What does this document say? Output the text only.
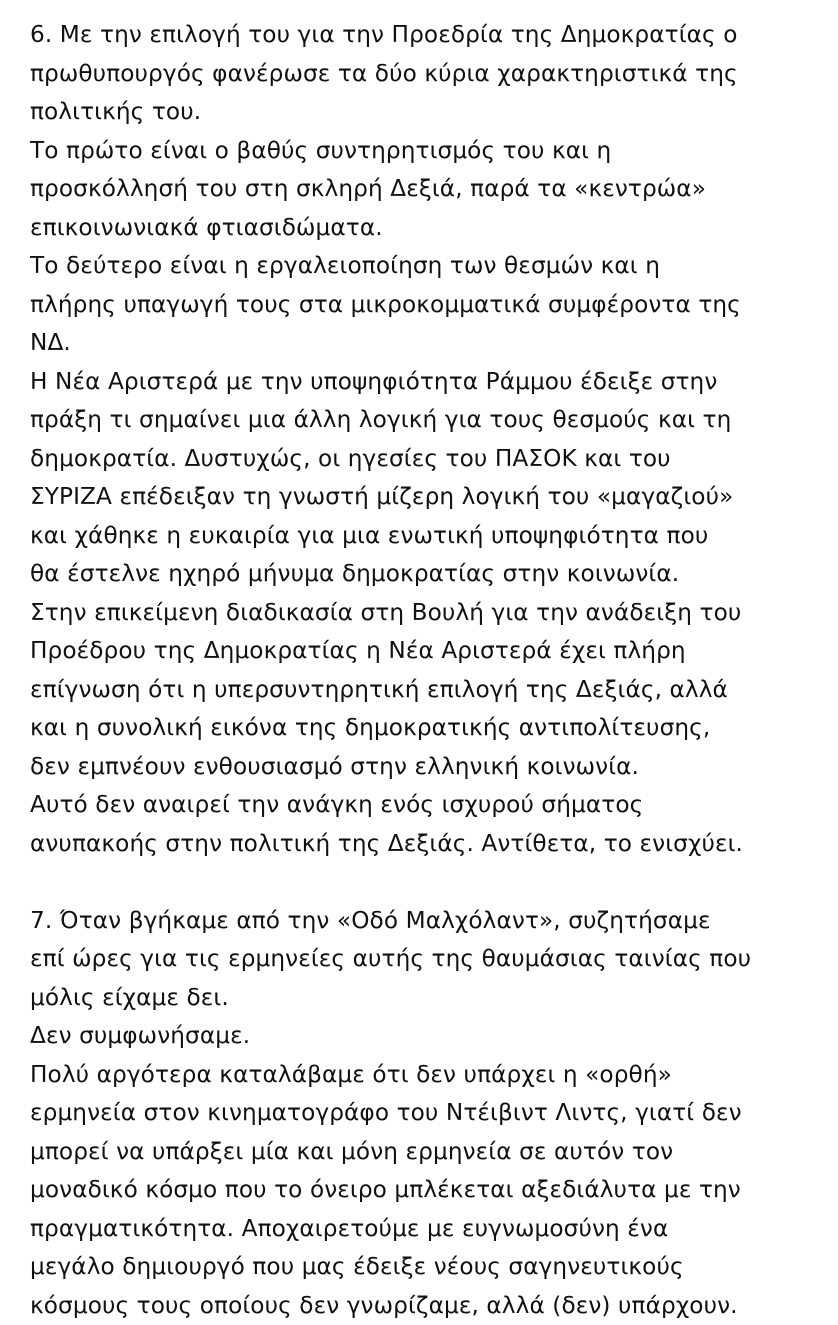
6. Με την επιλογή του για την Προεδρία της Δημοκρατίας ο
πρωθυπουργός φανέρωσε τα δύο κύρια χαρακτηριστικά της
πολιτικής του.
Το πρώτο είναι ο βαθύς συντηρητισμός του και η
προσκόλλησή του στη σκληρή Δεξιά, παρά τα «κεντρώα»
επικοινωνιακά φτιασιδώματα.
Το δεύτερο είναι η εργαλειοποίηση των θεσμών και η
πλήρης υπαγωγή τους στα μικροκομματικά συμφέροντα της
ΝΔ.
Η Νέα Αριστερά με την υποψηφιότητα Ράμμου έδειξε στην
πράξη τι σημαίνει μια άλλη λογική για τους θεσμούς και τη
δημοκρατία. Δυστυχώς, οι ηγεσίες του ΠΑΣΟΚ και του
ΣΥΡΙΖΑ επέδειξαν τη γνωστή μίζερη λογική του «μαγαζιού»
και χάθηκε η ευκαιρία για μια ενωτική υποψηφιότητα που
θα έστελνε ηχηρό μήνυμα δημοκρατίας στην κοινωνία.
Στην επικείμενη διαδικασία στη Βουλή για την ανάδειξη του
Προέδρου της Δημοκρατίας η Νέα Αριστερά έχει πλήρη
επίγνωση ότι η υπερσυντηρητική επιλογή της Δεξιάς, αλλά
και η συνολική εικόνα της δημοκρατικής αντιπολίτευσης,
δεν εμπνέουν ενθουσιασμό στην ελληνική κοινωνία.
Αυτό δεν αναιρεί την ανάγκη ενός ισχυρού σήματος
ανυπακοής στην πολιτική της Δεξιάς. Αντίθετα, το ενισχύει.
7. Όταν βγήκαμε από την «Οδό Μαλχόλαντ», συζητήσαμε
επί ώρες για τις ερμηνείες αυτής της θαυμάσιας ταινίας που
μόλις είχαμε δει.
Δεν συμφωνήσαμε.
Πολύ αργότερα καταλάβαμε ότι δεν υπάρχει η «ορθή»
ερμηνεία στον κινηματογράφο του Ντέιβιντ Λιντς, γιατί δεν
μπορεί να υπάρξει μία και μόνη ερμηνεία σε αυτόν τον
μοναδικό κόσμο που το όνειρο μπλέκεται αξεδιάλυτα με την
πραγματικότητα. Αποχαιρετούμε με ευγνωμοσύνη ένα
μεγάλο δημιουργό που μας έδειξε νέους σαγηνευτικούς
κόσμους τους οποίους δεν γνωρίζαμε, αλλά (δεν) υπάρχουν.
